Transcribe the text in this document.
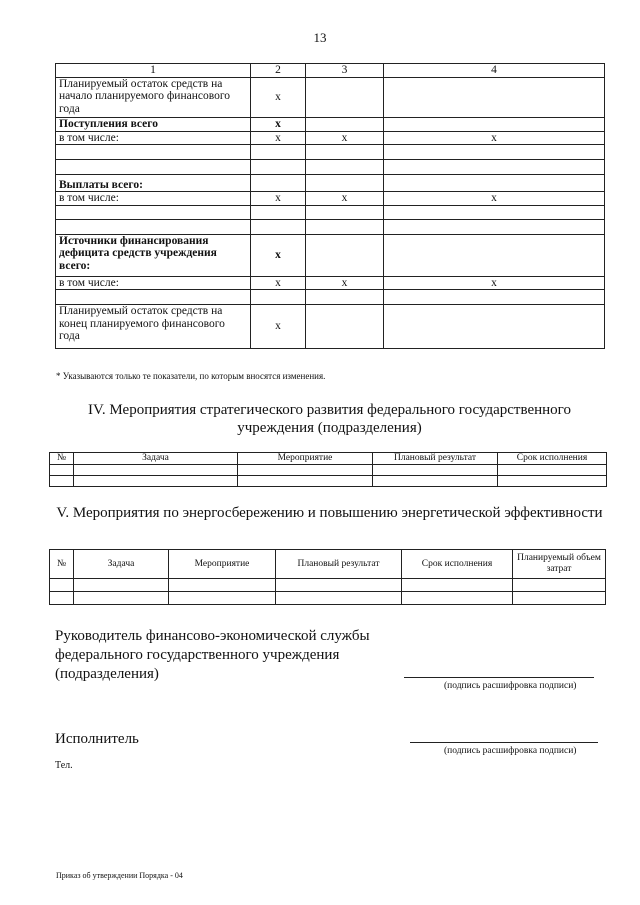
13
1	2	3	4
Планируемый остаток средств на начало планируемого финансового года	x		
Поступления всего	x		
в том числе:	x	x	x

Выплаты всего:			
в том числе:	x	x	x

Источники финансирования дефицита средств учреждения всего:	x		
в том числе:	x	x	x

Планируемый остаток средств на конец планируемого финансового года	x		
* Указываются только те показатели, по которым вносятся изменения.
IV. Мероприятия стратегического развития федерального государственного учреждения (подразделения)
№	Задача	Мероприятие	Плановый результат	Срок исполнения

V. Мероприятия по энергосбережению и повышению энергетической эффективности
№	Задача	Мероприятие	Плановый результат	Срок исполнения	Планируемый объем затрат

Руководитель финансово-экономической службы федерального государственного учреждения (подразделения)
(подпись расшифровка подписи)
Исполнитель
(подпись расшифровка подписи)
Тел.
Приказ об утверждении Порядка - 04
